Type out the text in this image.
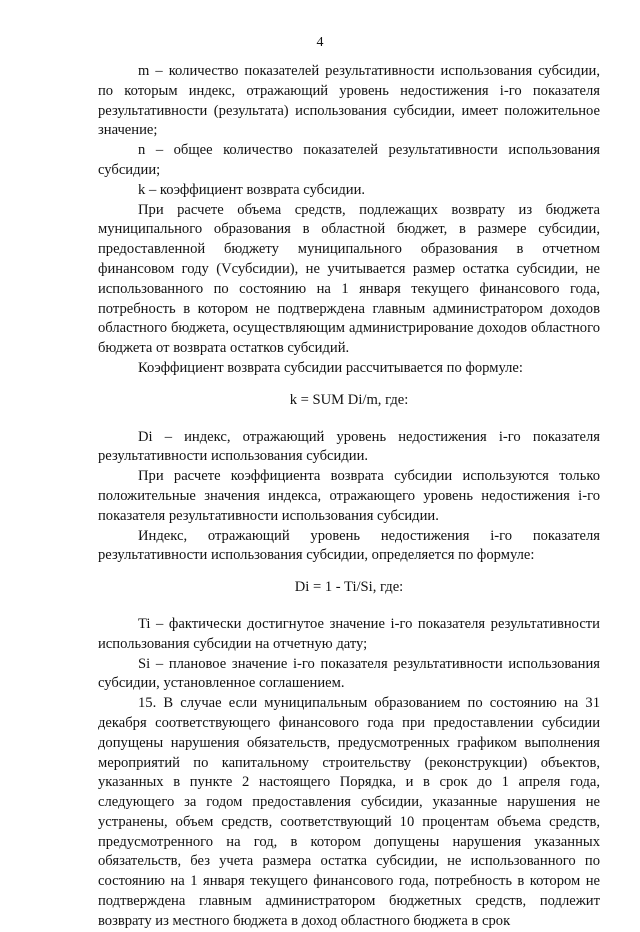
4

m – количество показателей результативности использования субсидии, по которым индекс, отражающий уровень недостижения i-го показателя результативности (результата) использования субсидии, имеет положительное значение;

n – общее количество показателей результативности использования субсидии;

k – коэффициент возврата субсидии.

При расчете объема средств, подлежащих возврату из бюджета муниципального образования в областной бюджет, в размере субсидии, предоставленной бюджету муниципального образования в отчетном финансовом году (Vсубсидии), не учитывается размер остатка субсидии, не использованного по состоянию на 1 января текущего финансового года, потребность в котором не подтверждена главным администратором доходов областного бюджета, осуществляющим администрирование доходов областного бюджета от возврата остатков субсидий.

Коэффициент возврата субсидии рассчитывается по формуле:

k = SUM Di/m, где:

Di – индекс, отражающий уровень недостижения i-го показателя результативности использования субсидии.

При расчете коэффициента возврата субсидии используются только положительные значения индекса, отражающего уровень недостижения i-го показателя результативности использования субсидии.

Индекс, отражающий уровень недостижения i-го показателя результативности использования субсидии, определяется по формуле:

Di = 1 - Ti/Si, где:

Ti – фактически достигнутое значение i-го показателя результативности использования субсидии на отчетную дату;

Si – плановое значение i-го показателя результативности использования субсидии, установленное соглашением.

15. В случае если муниципальным образованием по состоянию на 31 декабря соответствующего финансового года при предоставлении субсидии допущены нарушения обязательств, предусмотренных графиком выполнения мероприятий по капитальному строительству (реконструкции) объектов, указанных в пункте 2 настоящего Порядка, и в срок до 1 апреля года, следующего за годом предоставления субсидии, указанные нарушения не устранены, объем средств, соответствующий 10 процентам объема средств, предусмотренного на год, в котором допущены нарушения указанных обязательств, без учета размера остатка субсидии, не использованного по состоянию на 1 января текущего финансового года, потребность в котором не подтверждена главным администратором бюджетных средств, подлежит возврату из местного бюджета в доход областного бюджета в срок
